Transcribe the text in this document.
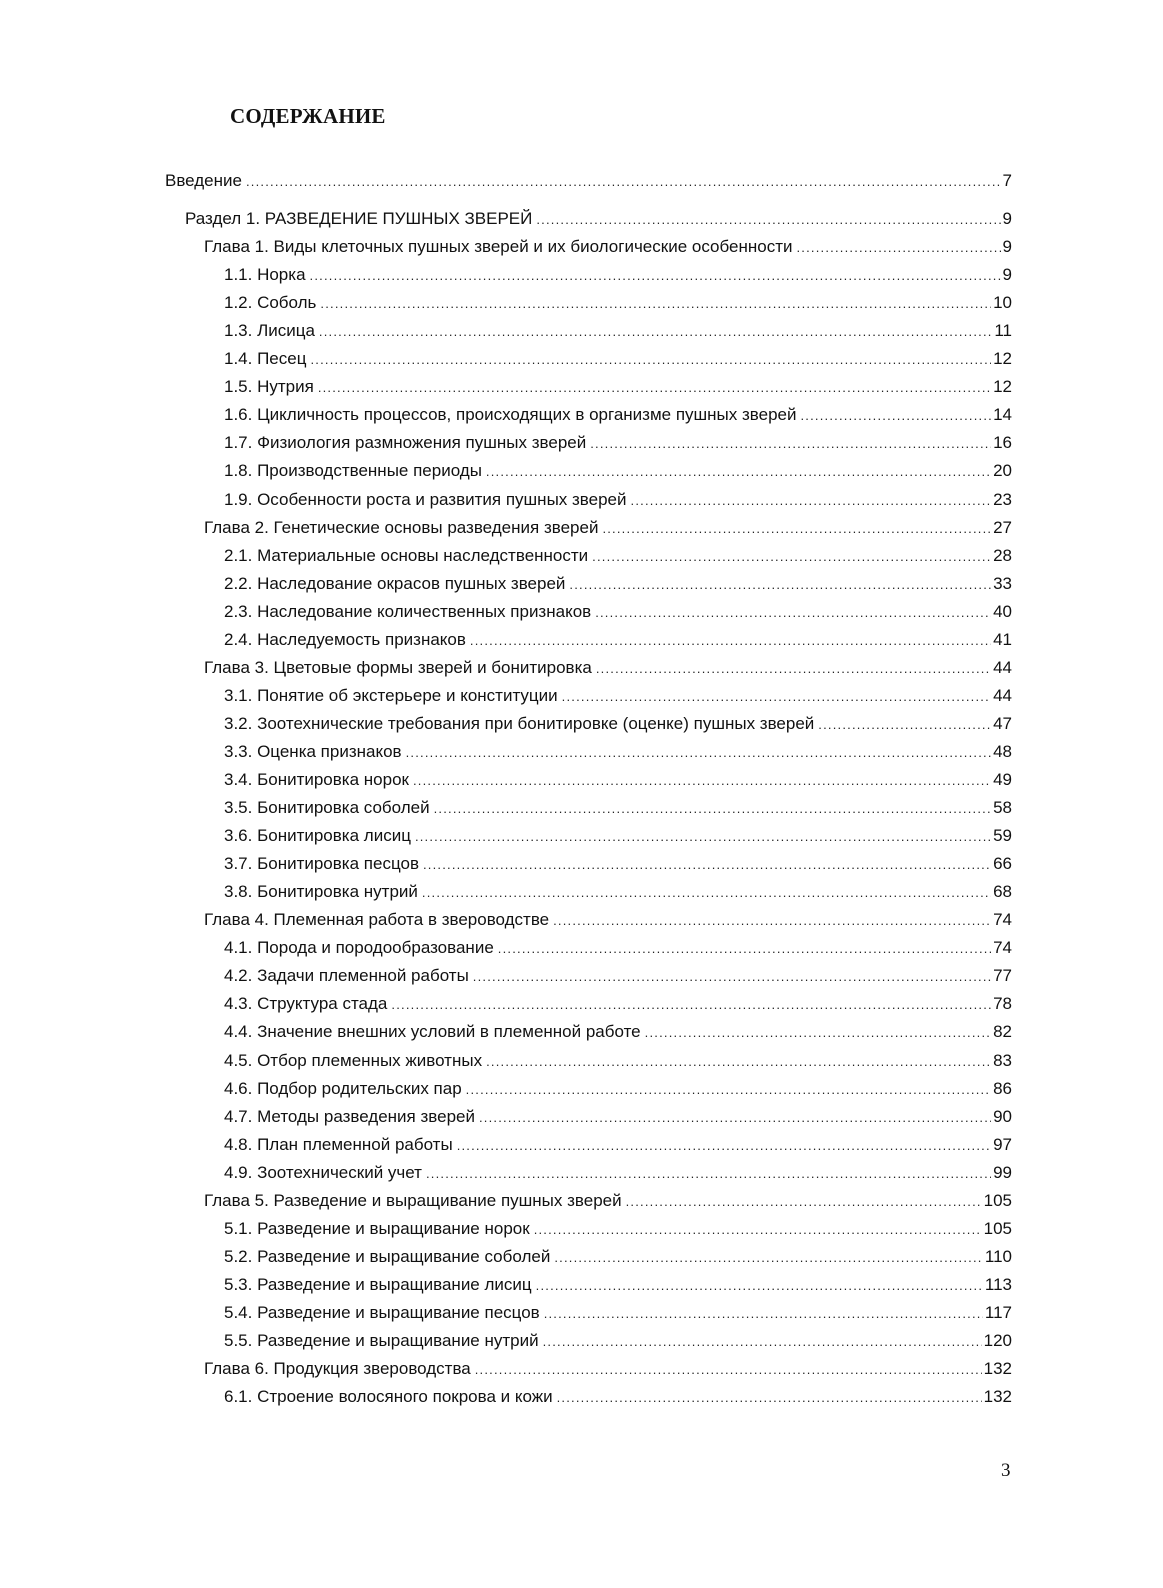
СОДЕРЖАНИЕ
Введение .....	7
Раздел 1. РАЗВЕДЕНИЕ ПУШНЫХ ЗВЕРЕЙ .....	9
Глава 1. Виды клеточных пушных зверей и их биологические особенности .....	9
1.1. Норка .....	9
1.2. Соболь .....	10
1.3. Лисица .....	11
1.4. Песец .....	12
1.5. Нутрия .....	12
1.6. Цикличность процессов, происходящих в организме пушных зверей .....	14
1.7. Физиология размножения пушных зверей .....	16
1.8. Производственные периоды .....	20
1.9. Особенности роста и развития пушных зверей .....	23
Глава 2. Генетические основы разведения зверей .....	27
2.1. Материальные основы наследственности .....	28
2.2. Наследование окрасов пушных зверей .....	33
2.3. Наследование количественных признаков .....	40
2.4. Наследуемость признаков .....	41
Глава 3. Цветовые формы зверей и бонитировка .....	44
3.1. Понятие об экстерьере и конституции .....	44
3.2. Зоотехнические требования при бонитировке (оценке) пушных зверей .....	47
3.3. Оценка признаков .....	48
3.4. Бонитировка норок .....	49
3.5. Бонитировка соболей .....	58
3.6. Бонитировка лисиц .....	59
3.7. Бонитировка песцов .....	66
3.8. Бонитировка нутрий .....	68
Глава 4. Племенная работа в звероводстве .....	74
4.1. Порода и породообразование .....	74
4.2. Задачи племенной работы .....	77
4.3. Структура стада .....	78
4.4. Значение внешних условий в племенной работе .....	82
4.5. Отбор племенных животных .....	83
4.6. Подбор родительских пар .....	86
4.7. Методы разведения зверей .....	90
4.8. План племенной работы .....	97
4.9. Зоотехнический учет .....	99
Глава 5. Разведение и выращивание пушных зверей .....	105
5.1. Разведение и выращивание норок .....	105
5.2. Разведение и выращивание соболей .....	110
5.3. Разведение и выращивание лисиц .....	113
5.4. Разведение и выращивание песцов .....	117
5.5. Разведение и выращивание нутрий .....	120
Глава 6. Продукция звероводства .....	132
6.1. Строение волосяного покрова и кожи .....	132

3
